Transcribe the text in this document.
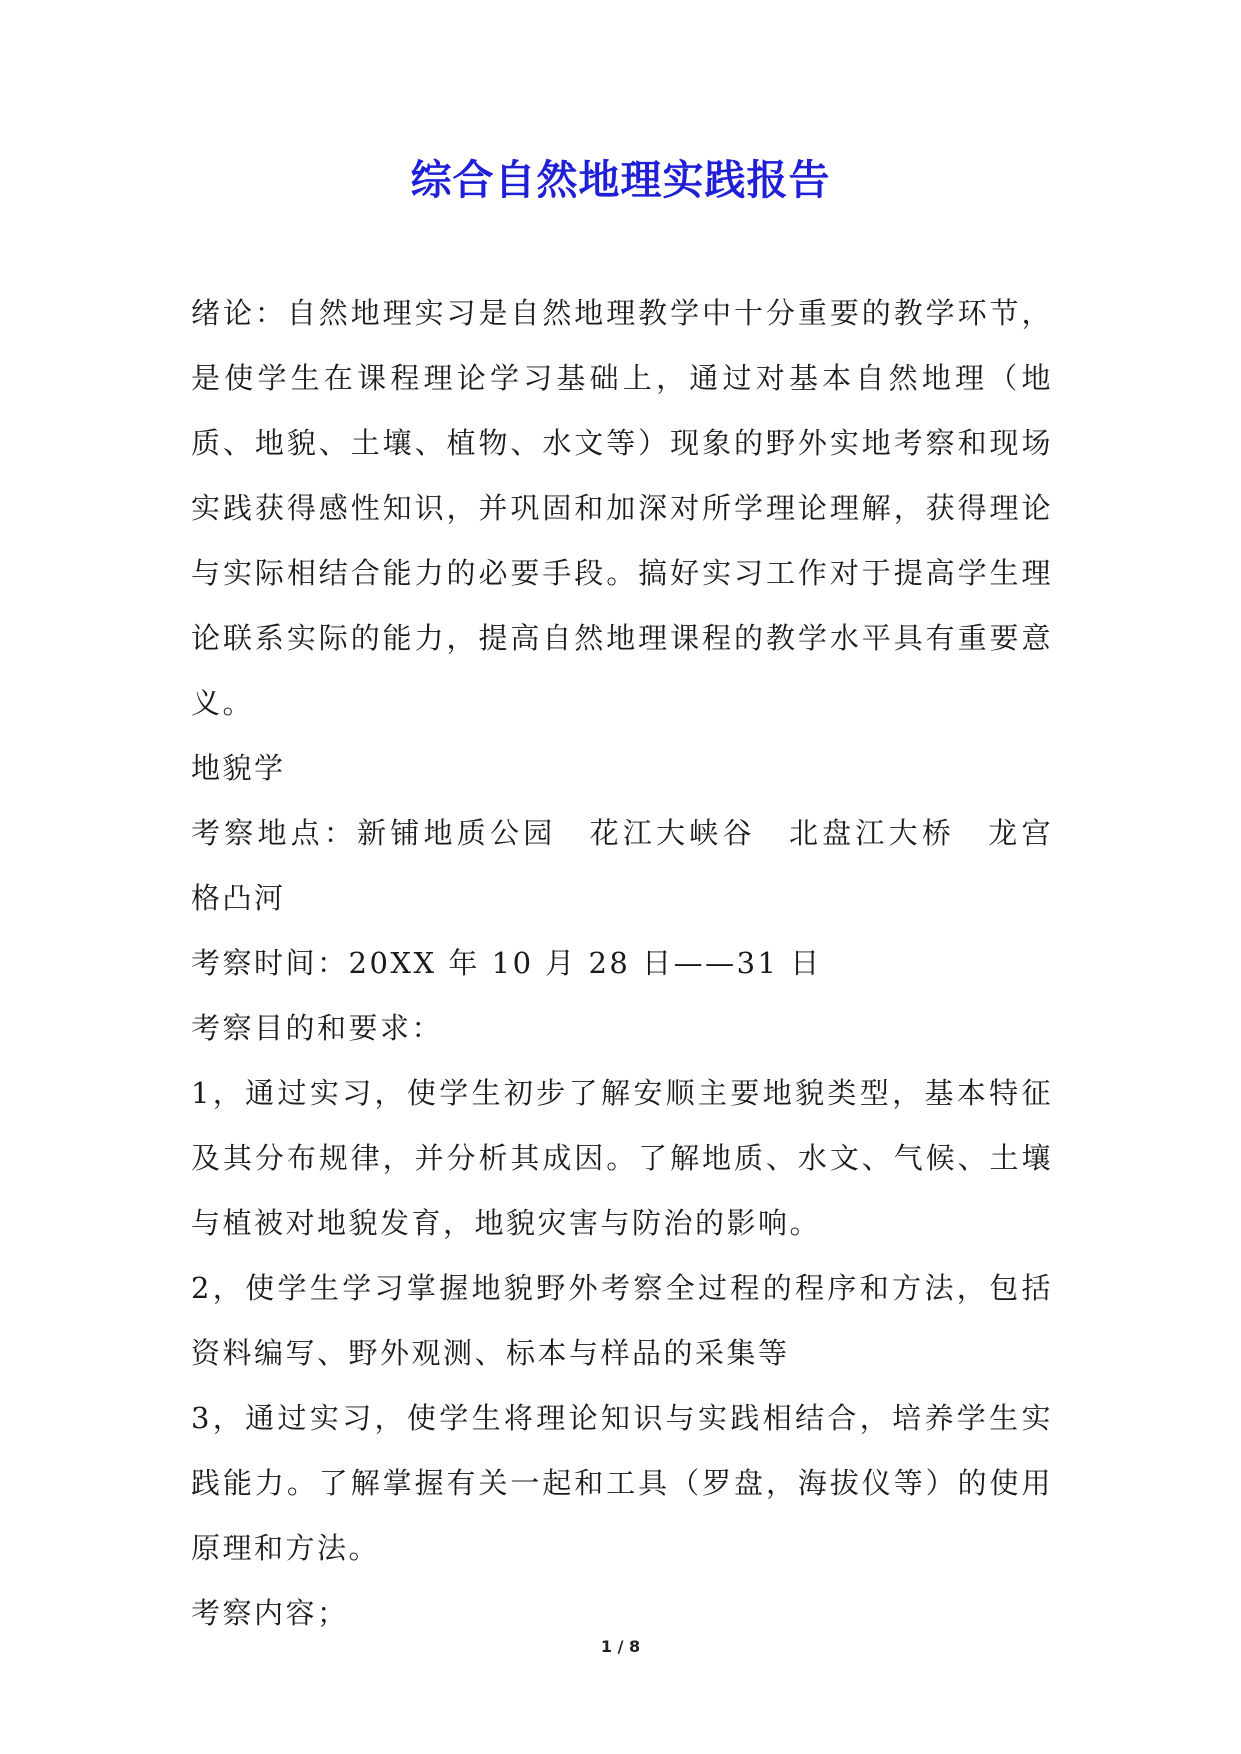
综合自然地理实践报告

绪论：自然地理实习是自然地理教学中十分重要的教学环节，是使学生在课程理论学习基础上，通过对基本自然地理（地质、地貌、土壤、植物、水文等）现象的野外实地考察和现场实践获得感性知识，并巩固和加深对所学理论理解，获得理论与实际相结合能力的必要手段。搞好实习工作对于提高学生理论联系实际的能力，提高自然地理课程的教学水平具有重要意义。

地貌学

考察地点：新铺地质公园　花江大峡谷　北盘江大桥　龙宫　格凸河

考察时间：20XX 年 10 月 28 日——31 日

考察目的和要求：

1，通过实习，使学生初步了解安顺主要地貌类型，基本特征及其分布规律，并分析其成因。了解地质、水文、气候、土壤与植被对地貌发育，地貌灾害与防治的影响。

2，使学生学习掌握地貌野外考察全过程的程序和方法，包括资料编写、野外观测、标本与样品的采集等

3，通过实习，使学生将理论知识与实践相结合，培养学生实践能力。了解掌握有关一起和工具（罗盘，海拔仪等）的使用原理和方法。

考察内容；

1 / 8
